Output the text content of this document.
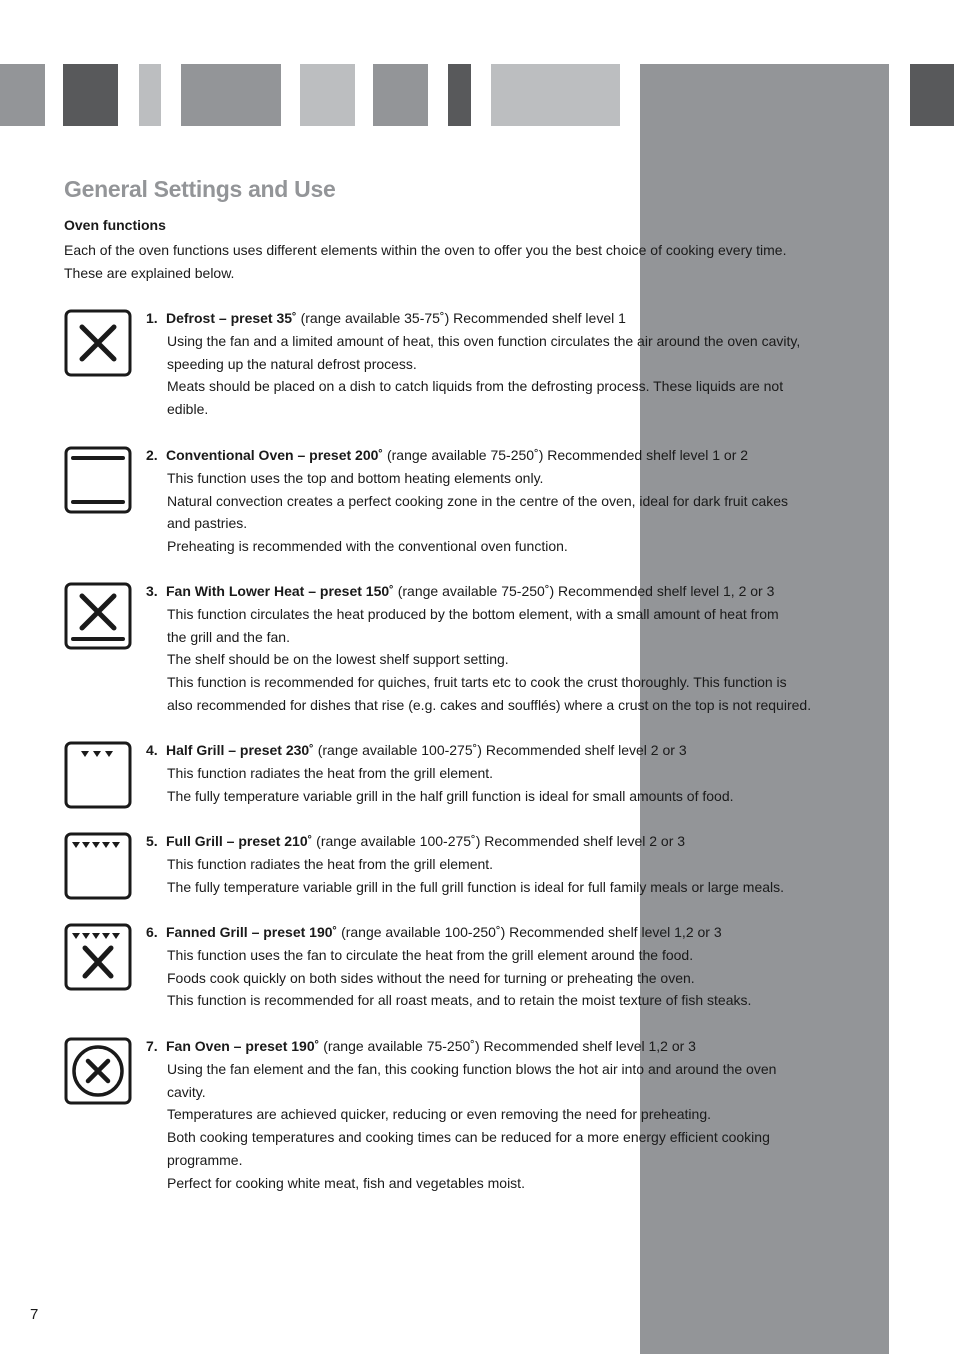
General Settings and Use
Oven functions

Each of the oven functions uses different elements within the oven to offer you the best choice of cooking every time.

These are explained below.

1. Defrost – preset 35˚ (range available 35-75˚) Recommended shelf level 1

Using the fan and a limited amount of heat, this oven function circulates the air around the oven cavity,

speeding up the natural defrost process.

Meats should be placed on a dish to catch liquids from the defrosting process. These liquids are not

edible.

2. Conventional Oven – preset 200˚ (range available 75-250˚) Recommended shelf level 1 or 2

This function uses the top and bottom heating elements only.

Natural convection creates a perfect cooking zone in the centre of the oven, ideal for dark fruit cakes

and pastries.

Preheating is recommended with the conventional oven function.

3. Fan With Lower Heat – preset 150˚ (range available 75-250˚) Recommended shelf level 1, 2 or 3

This function circulates the heat produced by the bottom element, with a small amount of heat from

the grill and the fan.

The shelf should be on the lowest shelf support setting.

This function is recommended for quiches, fruit tarts etc to cook the crust thoroughly. This function is

also recommended for dishes that rise (e.g. cakes and soufflés) where a crust on the top is not required.

4. Half Grill – preset 230˚ (range available 100-275˚) Recommended shelf level 2 or 3

This function radiates the heat from the grill element.

The fully temperature variable grill in the half grill function is ideal for small amounts of food.

5. Full Grill – preset 210˚ (range available 100-275˚) Recommended shelf level 2 or 3

This function radiates the heat from the grill element.

The fully temperature variable grill in the full grill function is ideal for full family meals or large meals.

6. Fanned Grill – preset 190˚ (range available 100-250˚) Recommended shelf level 1,2 or 3

This function uses the fan to circulate the heat from the grill element around the food.

Foods cook quickly on both sides without the need for turning or preheating the oven.

This function is recommended for all roast meats, and to retain the moist texture of fish steaks.

7. Fan Oven – preset 190˚ (range available 75-250˚) Recommended shelf level 1,2 or 3

Using the fan element and the fan, this cooking function blows the hot air into and around the oven

cavity.

Temperatures are achieved quicker, reducing or even removing the need for preheating.

Both cooking temperatures and cooking times can be reduced for a more energy efficient cooking

programme.

Perfect for cooking white meat, fish and vegetables moist.

7
